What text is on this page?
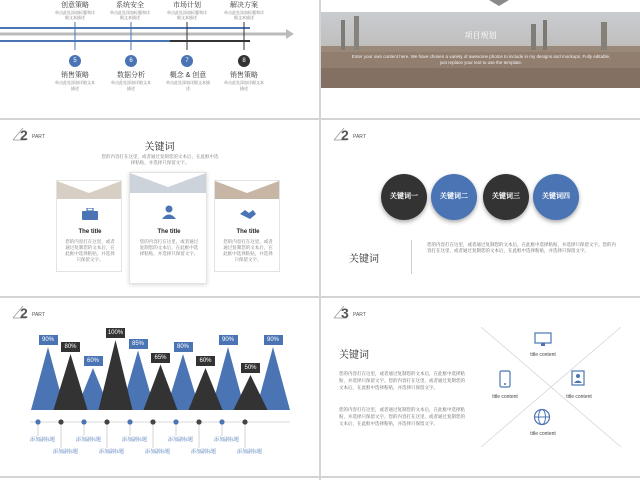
创意策略
单击此处添加标题和详细文本描述
系统安全
单击此处添加标题和详细文本描述
市场计划
单击此处添加标题和详细文本描述
解决方案
单击此处添加标题和详细文本描述
5	6	7	8
销售策略
单击此处添加详细文本描述
数据分析
单击此处添加详细文本描述
概念 & 创意
单击此处添加详细文本描述
销售策略
单击此处添加详细文本描述
项目规划
Enter your own content here. We have chosen a variety of awesome photos to include in my designs and mockups. Fully editable, just replace your text to use the template.
2 PART
关键词
您的内容打在这里，或者通过复制您的文本后，在此框中选择粘贴，并选择只保留文字。
The title
您的内容打在这里，或者通过复制您的文本后，在此框中选择粘贴，并选择只保留文字。
The title
您的内容打在这里，或者通过复制您的文本后，在此框中选择粘贴，并选择只保留文字。
The title
您的内容打在这里，或者通过复制您的文本后，在此框中选择粘贴，并选择只保留文字。
2 PART
关键词一	关键词二	关键词三	关键词四
关键词
您的内容打在这里，或者通过复制您的文本后，在此框中选择粘贴，并选择只保留文字。您的内容打在这里，或者通过复制您的文本后，在此框中选择粘贴，并选择只保留文字。
2 PART
90%
80%
60%
100%
85%
65%
80%
60%
90%
50%
90%
添加副标题
添加副标题
添加副标题
添加副标题
添加副标题
添加副标题
添加副标题
添加副标题
添加副标题
添加副标题
3 PART
关键词
您的内容打在这里，或者通过复制您的文本后，在此框中选择粘贴，并选择只保留文字。您的内容打在这里，或者通过复制您的文本后，在此框中选择粘贴，并选择只保留文字。
您的内容打在这里，或者通过复制您的文本后，在此框中选择粘贴，并选择只保留文字。您的内容打在这里，或者通过复制您的文本后，在此框中选择粘贴，并选择只保留文字。
title content
title content	title content
title content
